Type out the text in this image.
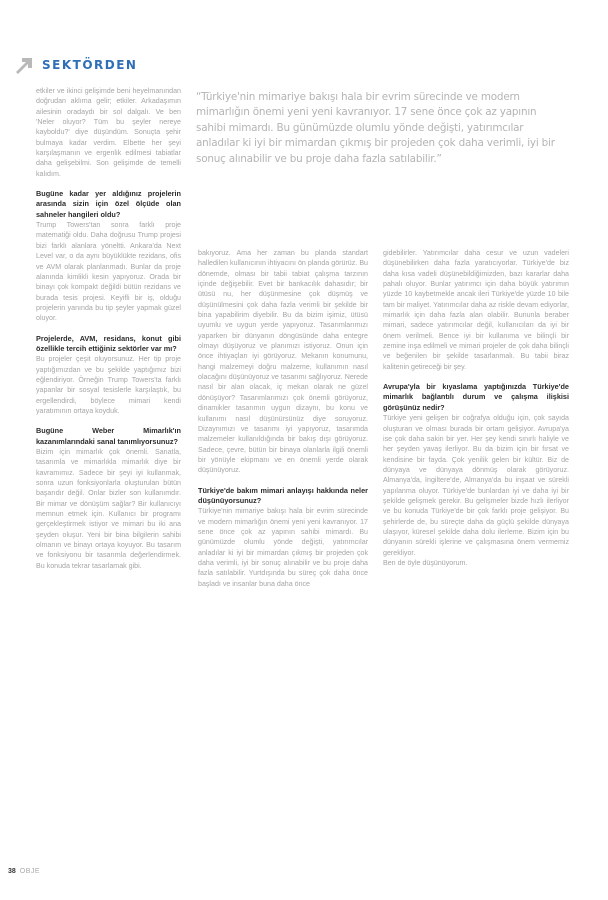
SEKTÖRDEN
“Türkiye'nin mimariye bakışı hala bir evrim sürecinde ve modern mimarlığın önemi yeni yeni kavranıyor. 17 sene önce çok az yapının sahibi mimardı. Bu günümüzde olumlu yönde değişti, yatırımcılar anladılar ki iyi bir mimardan çıkmış bir projeden çok daha verimli, iyi bir sonuç alınabilir ve bu proje daha fazla satılabilir.”

etkiler ve ikinci gelişimde beni heyelmanından doğrudan aklıma gelir; etkiler. Arkadaşımın ailesinin oradaydı bir sol dalgalı. Ve ben 'Neler oluyor? Tüm bu şeyler nereye kayboldu?' diye düşündüm. Sonuçta şehir bulmaya kadar verdim. Elbette her şeyi karşılaşmanın ve ergenlik edilmesi tabiatlar daha gelişebilmi. Son gelişimde de temelli kalıdım.

Bugüne kadar yer aldığınız projelerin arasında sizin için özel ölçüde olan sahneler hangileri oldu?

Trump Towers'tan sonra farklı proje matematiği oldu. Daha doğrusu Trump projesi bizi farklı alanlara yöneltti. Ankara'da Next Level var, o da aynı büyüklükte rezidans, ofis ve AVM olarak planlanmadı. Bunlar da proje alanında kimlikli kesin yapıyoruz. Orada bir binayı çok kompakt değildi bütün rezidans ve burada tesis projesi. Keyifli bir iş, olduğu projelerin yanında bu tip şeyler yapmak güzel oluyor.

Projelerde, AVM, residans, konut gibi özellikle tercih ettiğiniz sektörler var mı?

Bu projeler çeşit oluyorsunuz. Her tip proje yaptığımızdan ve bu şekilde yaptığımız bizi eğlendiriyor. Örneğin Trump Towers'ta farklı yapanlar bir sosyal tesislerle karşılaştık, bu ergellendirdi, böylece mimari kendi yaratımının ortaya koyduk.

Bugüne Weber Mimarlık'ın kazanımlarındaki sanal tanımlıyorsunuz?

Bizim için mimarlık çok önemli. Sanatla, tasarımla ve mimarlıkla mimarlık diye bir kavramımız. Sadece bir şeyi iyi kullanmak, sonra uzun fonksiyonlarla oluşturulan bütün başarıdır değil. Onlar bizler son kullanımdır. Bir mimar ve dönüşüm sağlar? Bir kullanıcıyı memnun etmek için. Kullanıcı bir programı gerçekleştirmek istiyor ve mimari bu iki ana şeyden oluşur. Yeni bir bina bilgilerin sahibi olmanın ve binayı ortaya koyuyor. Bu tasarım ve fonksiyonu bir tasarımla değerlendirmek. Bu konuda tekrar tasarlamak gibi.

bakıyoruz. Ama her zaman bu planda standart halledilen kullanıcının ihtiyacını ön planda görürüz. Bu dönemde, olması bir tabii tabiat çalışma tarzının içinde değişebilir. Evet bir bankacılık dahasıdır; bir ütüsü nu, her düşünmesine çok düşmüş ve düşünülmesini çok daha fazla verimli bir şekilde bir bina yapabilirim diyebilir. Bu da bizim işimiz, ütüsü uyumlu ve uygun yerde yapıyoruz. Tasarımlarımızı yaparken bir dünyanın döngüsünde daha entegre olmayı düşüyoruz ve planımızı istiyoruz. Onun için önce ihtiyaçları iyi görüyoruz. Mekanın konumunu, hangi malzemeyi doğru malzeme, kullanımın nasıl olacağını düşünüyoruz ve tasarımı sağlıyoruz. Nerede nasıl bir alan olacak, iç mekan olarak ne güzel dönüşüyor? Tasarımlarımızı çok önemli görüyoruz, dinamikler tasarımın uygun dizaynı, bu konu ve kullanımı nasıl düşünürsünüz diye soruyoruz. Dizaynımızı ve tasarımı iyi yapıyoruz, tasarımda malzemeler kullanıldığında bir bakış dışı görüyoruz. Sadece, çevre, bütün bir binaya olanlarla ilgili önemli bir yönüyle ekipmanı ve en önemli yerde olarak düşünüyoruz.

Türkiye'de bakım mimari anlayışı hakkında neler düşünüyorsunuz?

Türkiye'nin mimariye bakışı hala bir evrim sürecinde ve modern mimarlığın önemi yeni yeni kavranıyor. 17 sene önce çok az yapının sahibi mimardı. Bu günümüzde olumlu yönde değişti, yatırımcılar anladılar ki iyi bir mimardan çıkmış bir projeden çok daha verimli, iyi bir sonuç alınabilir ve bu proje daha fazla satılabilir. Yurtdışında bu süreç çok daha önce başladı ve insanlar buna daha önce

gidebilirler. Yatırımcılar daha cesur ve uzun vadeleri düşünebilirken daha fazla yaratıcıyorlar. Türkiye'de biz daha kısa vadeli düşünebildiğimizden, bazı kararlar daha pahalı oluyor. Bunlar yatırımcı için daha büyük yatırımın yüzde 10 kaybetmekle ancak ileri Türkiye'de yüzde 10 bile tam bir maliyet. Yatırımcılar daha az riskle devam ediyorlar, mimarlık için daha fazla alan olabilir. Bununla beraber mimari, sadece yatırımcılar değil, kullanıcıları da iyi bir önem verilmeli. Bence iyi bir kullanıma ve bilinçli bir zemine inşa edilmeli ve mimari projeler de çok daha bilinçli ve beğenilen bir şekilde tasarlanmalı. Bu tabii biraz kalitenin getireceği bir şey.

Avrupa'yla bir kıyaslama yaptığınızda Türkiye'de mimarlık bağlantılı durum ve çalışma ilişkisi görüşünüz nedir?

Türkiye yeni gelişen bir coğrafya olduğu için, çok sayıda oluşturan ve olması burada bir ortam gelişiyor. Avrupa'ya ise çok daha sakin bir yer. Her şey kendi sınırlı haliyle ve her şeyden yavaş ilerliyor. Bu da bizim için bir fırsat ve kendisine bir fayda. Çok yenilik gelen bir kültür. Biz de dünyaya ve dünyaya dönmüş olarak görüyoruz. Almanya'da, İngiltere'de, Almanya'da bu inşaat ve sürekli yapılanma oluyor. Türkiye'de bunlardan iyi ve daha iyi bir şekilde gelişmek gerekir. Bu gelişmeler bizde hızlı ilerliyor ve bu konuda Türkiye'de bir çok farklı proje gelişiyor. Bu şehirlerde de, bu süreçte daha da güçlü şekilde dünyaya ulaşıyor, küresel şekilde daha dolu ilerleme. Bizim için bu dünyanın sürekli işlerine ve çalışmasına önem vermemiz gerekliyor.

Ben de öyle düşünüyorum.

38 OBJE
